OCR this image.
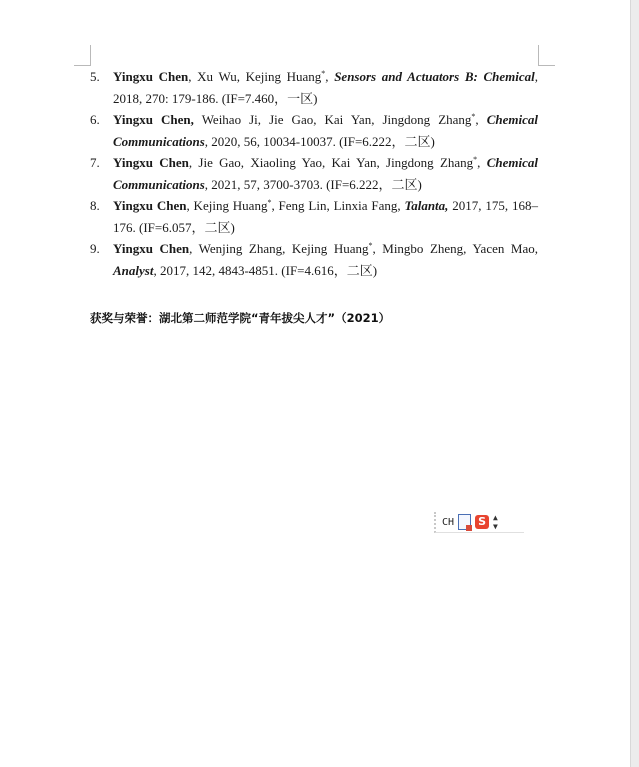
5. Yingxu Chen, Xu Wu, Kejing Huang*, Sensors and Actuators B: Chemical, 2018, 270: 179-186. (IF=7.460，一区)
6. Yingxu Chen, Weihao Ji, Jie Gao, Kai Yan, Jingdong Zhang*, Chemical Communications, 2020, 56, 10034-10037. (IF=6.222，二区)
7. Yingxu Chen, Jie Gao, Xiaoling Yao, Kai Yan, Jingdong Zhang*, Chemical Communications, 2021, 57, 3700-3703. (IF=6.222，二区)
8. Yingxu Chen, Kejing Huang*, Feng Lin, Linxia Fang, Talanta, 2017, 175, 168–176. (IF=6.057，二区)
9. Yingxu Chen, Wenjing Zhang, Kejing Huang*, Mingbo Zheng, Yacen Mao, Analyst, 2017, 142, 4843-4851. (IF=4.616，二区)
获奖与荣誉：湖北第二师范学院“青年拔尖人才”（2021）
CH S ▲
▼
